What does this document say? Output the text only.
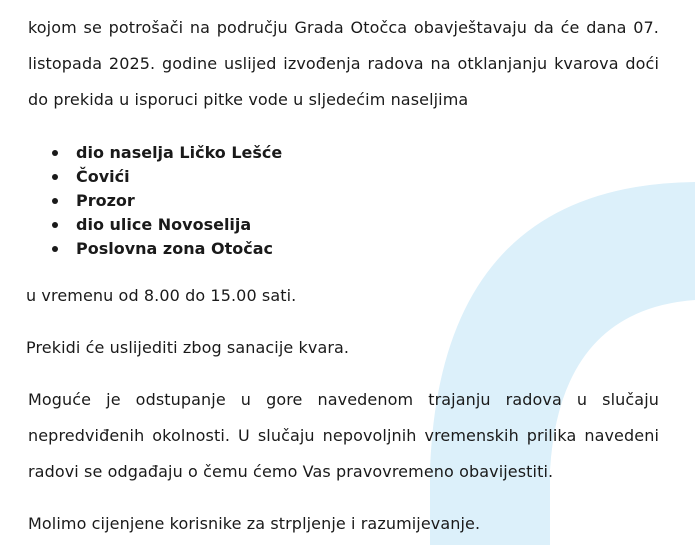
kojom se potrošači na području Grada Otočca obavještavaju da će dana 07. listopada 2025. godine uslijed izvođenja radova na otklanjanju kvarova doći do prekida u isporuci pitke vode u sljedećim naseljima

dio naselja Ličko Lešće
Čovići
Prozor
dio ulice Novoselija
Poslovna zona Otočac

u vremenu od 8.00 do 15.00 sati.

Prekidi će uslijediti zbog sanacije kvara.

Moguće je odstupanje u gore navedenom trajanju radova u slučaju nepredviđenih okolnosti. U slučaju nepovoljnih vremenskih prilika navedeni radovi se odgađaju o čemu ćemo Vas pravovremeno obavijestiti.

Molimo cijenjene korisnike za strpljenje i razumijevanje.
